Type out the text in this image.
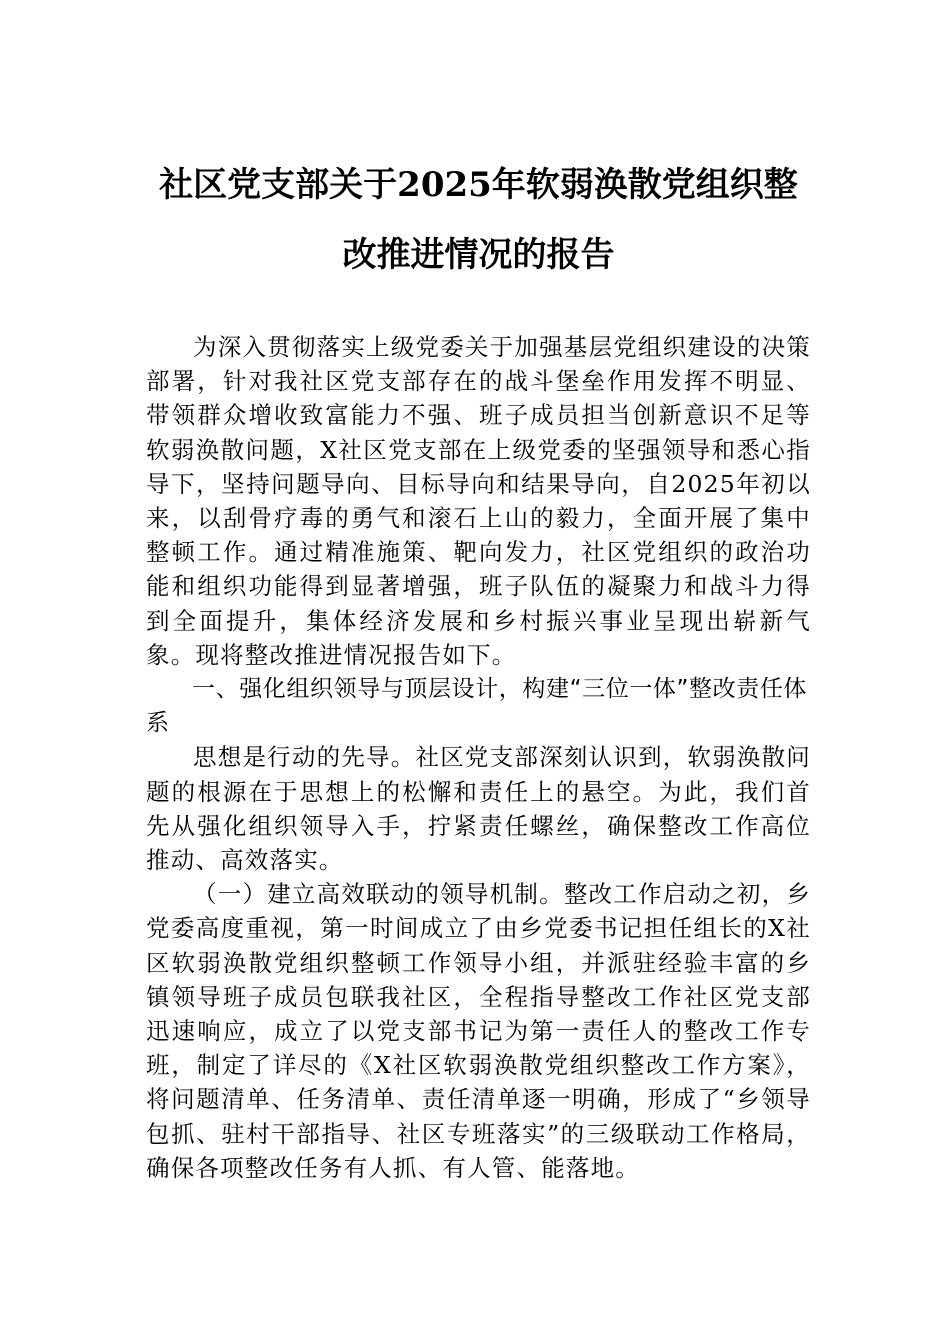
社区党支部关于2025年软弱涣散党组织整
改推进情况的报告

为深入贯彻落实上级党委关于加强基层党组织建设的决策部署，针对我社区党支部存在的战斗堡垒作用发挥不明显、带领群众增收致富能力不强、班子成员担当创新意识不足等软弱涣散问题，X社区党支部在上级党委的坚强领导和悉心指导下，坚持问题导向、目标导向和结果导向，自2025年初以来，以刮骨疗毒的勇气和滚石上山的毅力，全面开展了集中整顿工作。通过精准施策、靶向发力，社区党组织的政治功能和组织功能得到显著增强，班子队伍的凝聚力和战斗力得到全面提升，集体经济发展和乡村振兴事业呈现出崭新气象。现将整改推进情况报告如下。

一、强化组织领导与顶层设计，构建“三位一体”整改责任体系

思想是行动的先导。社区党支部深刻认识到，软弱涣散问题的根源在于思想上的松懈和责任上的悬空。为此，我们首先从强化组织领导入手，拧紧责任螺丝，确保整改工作高位推动、高效落实。

（一）建立高效联动的领导机制。整改工作启动之初，乡党委高度重视，第一时间成立了由乡党委书记担任组长的X社区软弱涣散党组织整顿工作领导小组，并派驻经验丰富的乡镇领导班子成员包联我社区，全程指导整改工作社区党支部迅速响应，成立了以党支部书记为第一责任人的整改工作专班，制定了详尽的《X社区软弱涣散党组织整改工作方案》，将问题清单、任务清单、责任清单逐一明确，形成了“乡领导包抓、驻村干部指导、社区专班落实”的三级联动工作格局，确保各项整改任务有人抓、有人管、能落地。
